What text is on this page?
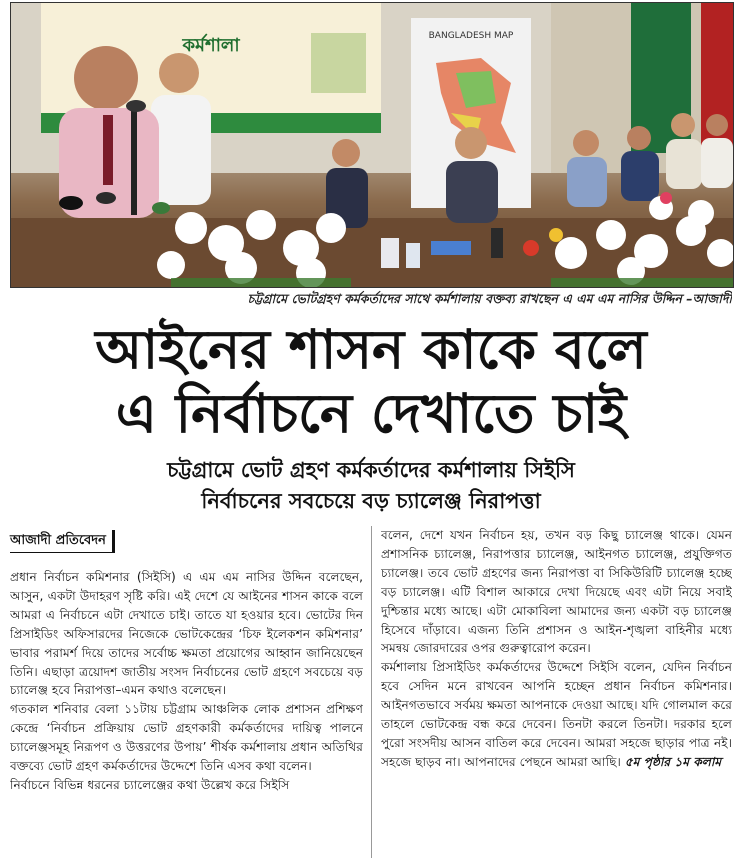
কর্মশালা	BANGLADESH MAP
চট্টগ্রামে ভোটগ্রহণ কর্মকর্তাদের সাথে কর্মশালায় বক্তব্য রাখছেন এ এম এম নাসির উদ্দিন –আজাদী
আইনের শাসন কাকে বলে
এ নির্বাচনে দেখাতে চাই
চট্টগ্রামে ভোট গ্রহণ কর্মকর্তাদের কর্মশালায় সিইসি
নির্বাচনের সবচেয়ে বড় চ্যালেঞ্জ নিরাপত্তা
আজাদী প্রতিবেদন

প্রধান নির্বাচন কমিশনার (সিইসি) এ এম এম নাসির উদ্দিন বলেছেন, আসুন, একটা উদাহরণ সৃষ্টি করি। এই দেশে যে আইনের শাসন কাকে বলে আমরা এ নির্বাচনে এটা দেখাতে চাই। তাতে যা হওয়ার হবে। ভোটের দিন প্রিসাইডিং অফিসারদের নিজেকে ভোটকেন্দ্রের ‘চিফ ইলেকশন কমিশনার’ ভাবার পরামর্শ দিয়ে তাদের সর্বোচ্চ ক্ষমতা প্রয়োগের আহ্বান জানিয়েছেন তিনি। এছাড়া ত্রয়োদশ জাতীয় সংসদ নির্বাচনের ভোট গ্রহণে সবচেয়ে বড় চ্যালেঞ্জ হবে নিরাপত্তা–এমন কথাও বলেছেন।

গতকাল শনিবার বেলা ১১টায় চট্টগ্রাম আঞ্চলিক লোক প্রশাসন প্রশিক্ষণ কেন্দ্রে ‘নির্বাচন প্রক্রিয়ায় ভোট গ্রহণকারী কর্মকর্তাদের দায়িত্ব পালনে চ্যালেঞ্জসমূহ নিরূপণ ও উত্তরণের উপায়’ শীর্ষক কর্মশালায় প্রধান অতিথির বক্তব্যে ভোট গ্রহণ কর্মকর্তাদের উদ্দেশে তিনি এসব কথা বলেন।

নির্বাচনে বিভিন্ন ধরনের চ্যালেঞ্জের কথা উল্লেখ করে সিইসি

বলেন, দেশে যখন নির্বাচন হয়, তখন বড় কিছু চ্যালেঞ্জ থাকে। যেমন প্রশাসনিক চ্যালেঞ্জ, নিরাপত্তার চ্যালেঞ্জ, আইনগত চ্যালেঞ্জ, প্রযুক্তিগত চ্যালেঞ্জ। তবে ভোট গ্রহণের জন্য নিরাপত্তা বা সিকিউরিটি চ্যালেঞ্জ হচ্ছে বড় চ্যালেঞ্জ। এটি বিশাল আকারে দেখা দিয়েছে এবং এটা নিয়ে সবাই দুশ্চিন্তার মধ্যে আছে। এটা মোকাবিলা আমাদের জন্য একটা বড় চ্যালেঞ্জ হিসেবে দাঁড়াবে। এজন্য তিনি প্রশাসন ও আইন-শৃঙ্খলা বাহিনীর মধ্যে সমন্বয় জোরদারের ওপর গুরুত্বারোপ করেন।

কর্মশালায় প্রিসাইডিং কর্মকর্তাদের উদ্দেশে সিইসি বলেন, যেদিন নির্বাচন হবে সেদিন মনে রাখবেন আপনি হচ্ছেন প্রধান নির্বাচন কমিশনার। আইনগতভাবে সর্বময় ক্ষমতা আপনাকে দেওয়া আছে। যদি গোলমাল করে তাহলে ভোটকেন্দ্র বন্ধ করে দেবেন। তিনটা করলে তিনটা। দরকার হলে পুরো সংসদীয় আসন বাতিল করে দেবেন। আমরা সহজে ছাড়ার পাত্র নই। সহজে ছাড়ব না। আপনাদের পেছনে আমরা আছি। ৫ম পৃষ্ঠার ১ম কলাম
